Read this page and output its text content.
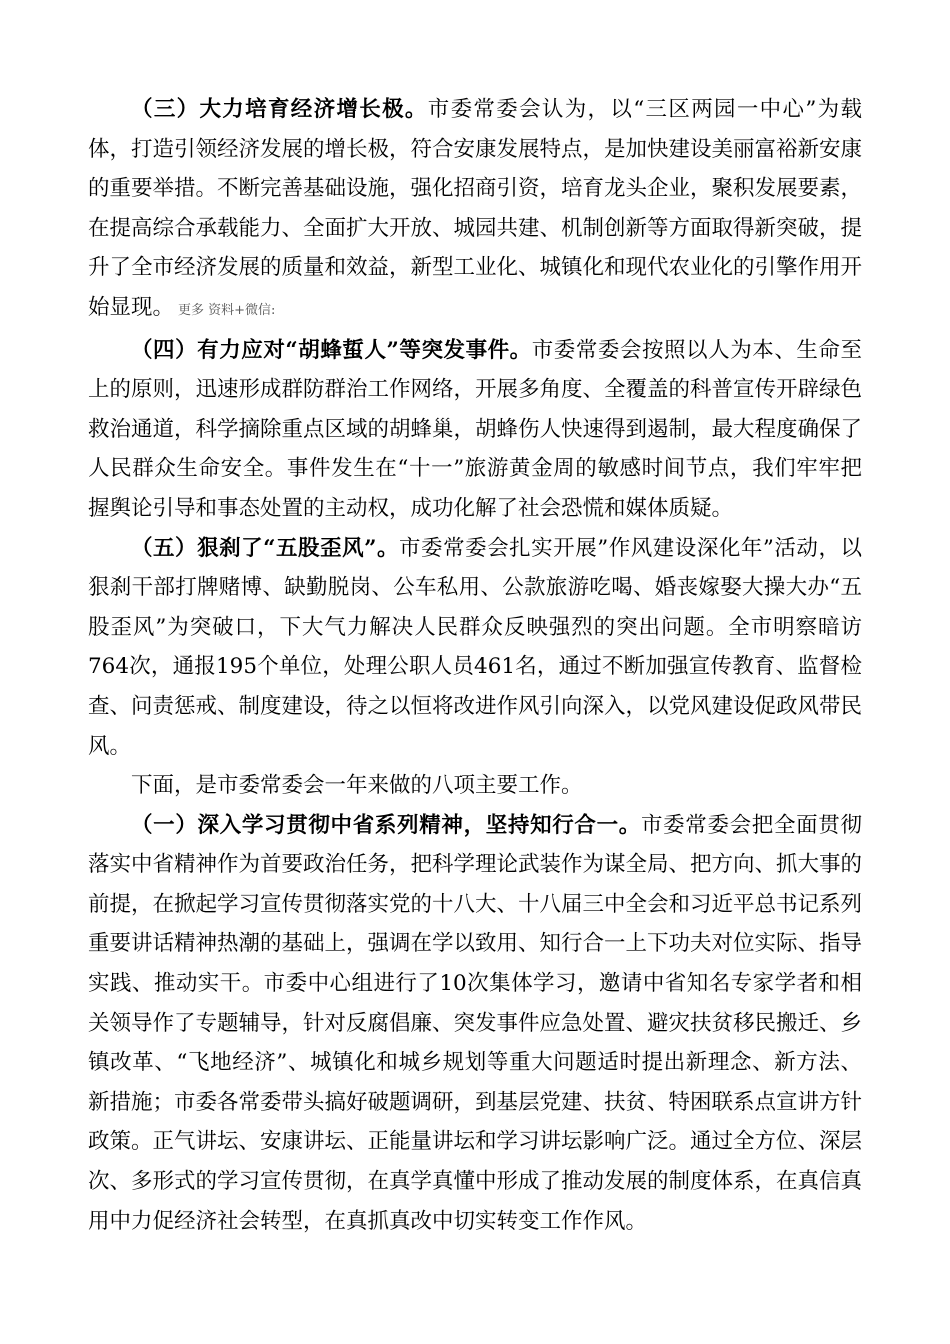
（三）大力培育经济增长极。市委常委会认为，以“三区两园一中心”为载体，打造引领经济发展的增长极，符合安康发展特点，是加快建设美丽富裕新安康的重要举措。不断完善基础设施，强化招商引资，培育龙头企业，聚积发展要素，在提高综合承载能力、全面扩大开放、城园共建、机制创新等方面取得新突破，提升了全市经济发展的质量和效益，新型工业化、城镇化和现代农业化的引擎作用开始显现。 更多 资料+微信:

（四）有力应对“胡蜂蜇人”等突发事件。市委常委会按照以人为本、生命至上的原则，迅速形成群防群治工作网络，开展多角度、全覆盖的科普宣传开辟绿色救治通道，科学摘除重点区域的胡蜂巢，胡蜂伤人快速得到遏制，最大程度确保了人民群众生命安全。事件发生在“十一”旅游黄金周的敏感时间节点，我们牢牢把握舆论引导和事态处置的主动权，成功化解了社会恐慌和媒体质疑。

（五）狠刹了“五股歪风”。市委常委会扎实开展”作风建设深化年”活动，以狠刹干部打牌赌博、缺勤脱岗、公车私用、公款旅游吃喝、婚丧嫁娶大操大办“五股歪风”为突破口，下大气力解决人民群众反映强烈的突出问题。全市明察暗访764次，通报195个单位，处理公职人员461名，通过不断加强宣传教育、监督检查、问责惩戒、制度建设，待之以恒将改进作风引向深入，以党风建设促政风带民风。

下面，是市委常委会一年来做的八项主要工作。

（一）深入学习贯彻中省系列精神，坚持知行合一。市委常委会把全面贯彻落实中省精神作为首要政治任务，把科学理论武装作为谋全局、把方向、抓大事的前提，在掀起学习宣传贯彻落实党的十八大、十八届三中全会和习近平总书记系列重要讲话精神热潮的基础上，强调在学以致用、知行合一上下功夫对位实际、指导实践、推动实干。市委中心组进行了10次集体学习，邀请中省知名专家学者和相关领导作了专题辅导，针对反腐倡廉、突发事件应急处置、避灾扶贫移民搬迁、乡镇改革、“飞地经济”、城镇化和城乡规划等重大问题适时提出新理念、新方法、新措施；市委各常委带头搞好破题调研，到基层党建、扶贫、特困联系点宣讲方针政策。正气讲坛、安康讲坛、正能量讲坛和学习讲坛影响广泛。通过全方位、深层次、多形式的学习宣传贯彻，在真学真懂中形成了推动发展的制度体系，在真信真用中力促经济社会转型，在真抓真改中切实转变工作作风。
